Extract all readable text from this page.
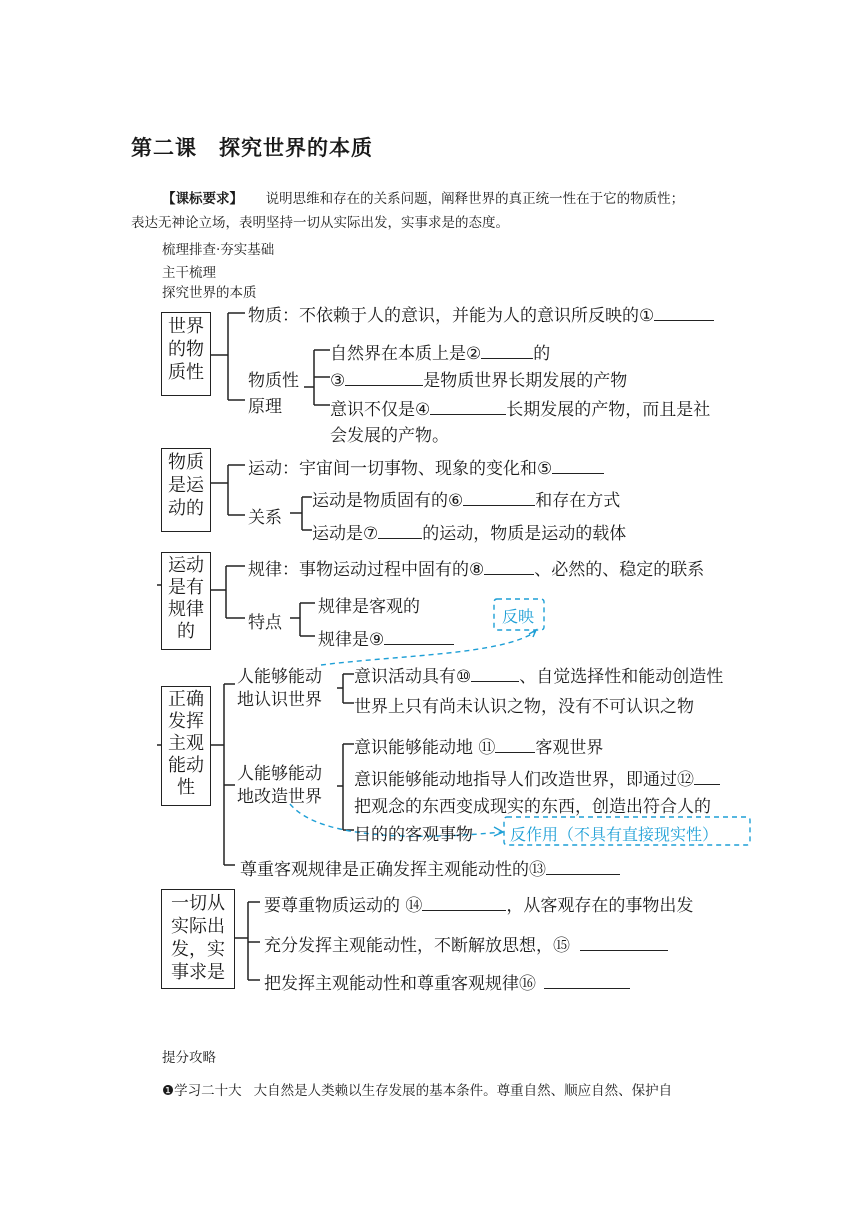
第二课　探究世界的本质
【课标要求】 说明思维和存在的关系问题，阐释世界的真正统一性在于它的物质性；
表达无神论立场，表明坚持一切从实际出发，实事求是的态度。
梳理排查·夯实基础
主干梳理
探究世界的本质
世界
的物
质性
物质：不依赖于人的意识，并能为人的意识所反映的①
物质性
原理
自然界在本质上是②	的
③	是物质世界长期发展的产物
意识不仅是④	长期发展的产物，而且是社
会发展的产物。
物质
是运
动的
运动：宇宙间一切事物、现象的变化和⑤
关系
运动是物质固有的⑥	和存在方式
运动是⑦	的运动，物质是运动的载体
运动
是有
规律
的
规律：事物运动过程中固有的⑧	、必然的、稳定的联系
特点
规律是客观的
规律是⑨
反映
正确
发挥
主观
能动
性
人能够能动
地认识世界
意识活动具有⑩	、自觉选择性和能动创造性
世界上只有尚未认识之物，没有不可认识之物
人能够能动
地改造世界
意识能够能动地 ⑪ 客观世界
意识能够能动地指导人们改造世界，即通过⑫
把观念的东西变成现实的东西，创造出符合人的
目的的客观事物 反作用（不具有直接现实性）
尊重客观规律是正确发挥主观能动性的⑬
一切从
实际出
发，实
事求是
要尊重物质运动的 ⑭	，从客观存在的事物出发
充分发挥主观能动性，不断解放思想，⑮
把发挥主观能动性和尊重客观规律⑯
提分攻略
❶学习二十大 大自然是人类赖以生存发展的基本条件。尊重自然、顺应自然、保护自
